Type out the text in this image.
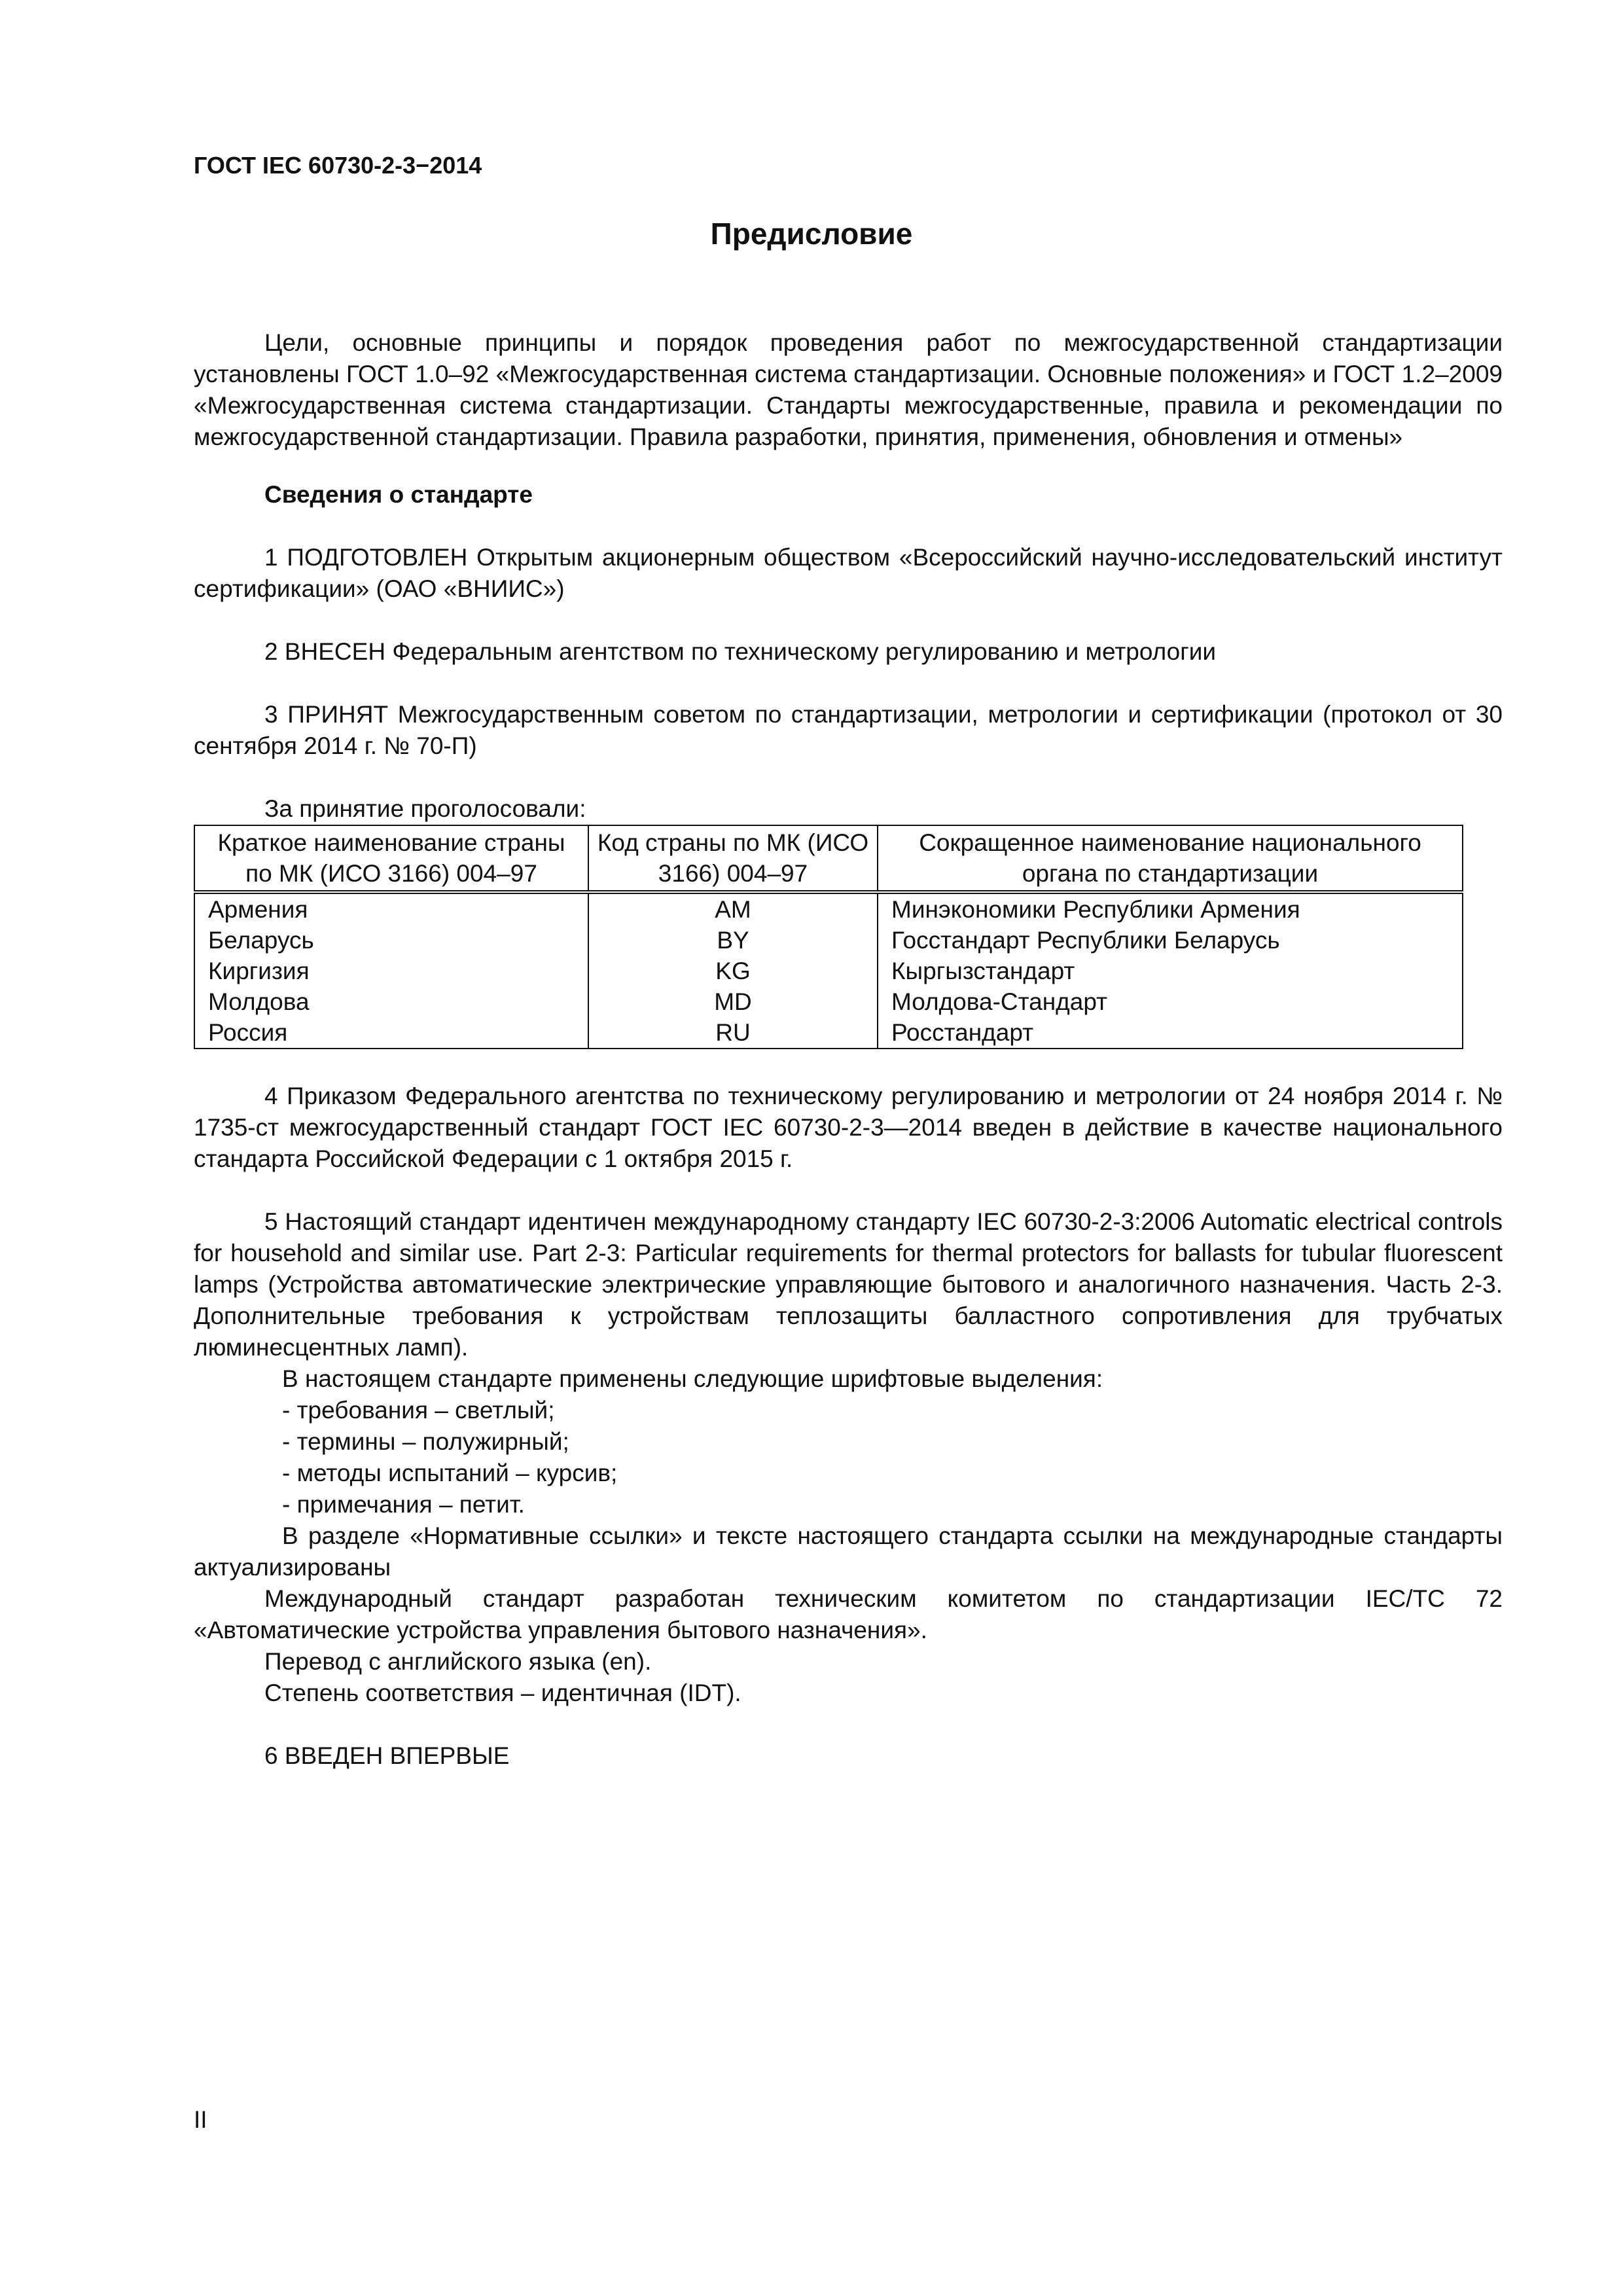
ГОСТ IEC 60730-2-3−2014
Предисловие

Цели, основные принципы и порядок проведения работ по межгосударственной стандартизации установлены ГОСТ 1.0–92 «Межгосударственная система стандартизации. Основные положения» и ГОСТ 1.2–2009 «Межгосударственная система стандартизации. Стандарты межгосударственные, правила и рекомендации по межгосударственной стандартизации. Правила разработки, принятия, применения, обновления и отмены»

Сведения о стандарте

1 ПОДГОТОВЛЕН Открытым акционерным обществом «Всероссийский научно-исследовательский институт сертификации» (ОАО «ВНИИС»)

2 ВНЕСЕН Федеральным агентством по техническому регулированию и метрологии

3 ПРИНЯТ Межгосударственным советом по стандартизации, метрологии и сертификации (протокол от 30 сентября 2014 г. № 70-П)

За принятие проголосовали:
Краткое наименование страны по МК (ИСО 3166) 004–97	Код страны по МК (ИСО 3166) 004–97	Сокращенное наименование национального органа по стандартизации
Армения	AM	Минэкономики Республики Армения
Беларусь	BY	Госстандарт Республики Беларусь
Киргизия	KG	Кыргызстандарт
Молдова	MD	Молдова-Стандарт
Россия	RU	Росстандарт

4 Приказом Федерального агентства по техническому регулированию и метрологии от 24 ноября 2014 г. № 1735-ст межгосударственный стандарт ГОСТ IEC 60730-2-3—2014 введен в действие в качестве национального стандарта Российской Федерации с 1 октября 2015 г.

5 Настоящий стандарт идентичен международному стандарту IEC 60730-2-3:2006 Automatic electrical controls for household and similar use. Part 2-3: Particular requirements for thermal protectors for ballasts for tubular fluorescent lamps (Устройства автоматические электрические управляющие бытового и аналогичного назначения. Часть 2-3. Дополнительные требования к устройствам теплозащиты балластного сопротивления для трубчатых люминесцентных ламп).

В настоящем стандарте применены следующие шрифтовые выделения:

- требования – светлый;
- термины – полужирный;
- методы испытаний – курсив;
- примечания – петит.

В разделе «Нормативные ссылки» и тексте настоящего стандарта ссылки на международные стандарты актуализированы

Международный стандарт разработан техническим комитетом по стандартизации IEC/TC 72 «Автоматические устройства управления бытового назначения».

Перевод с английского языка (en).

Степень соответствия – идентичная (IDT).

6 ВВЕДЕН ВПЕРВЫЕ

II
